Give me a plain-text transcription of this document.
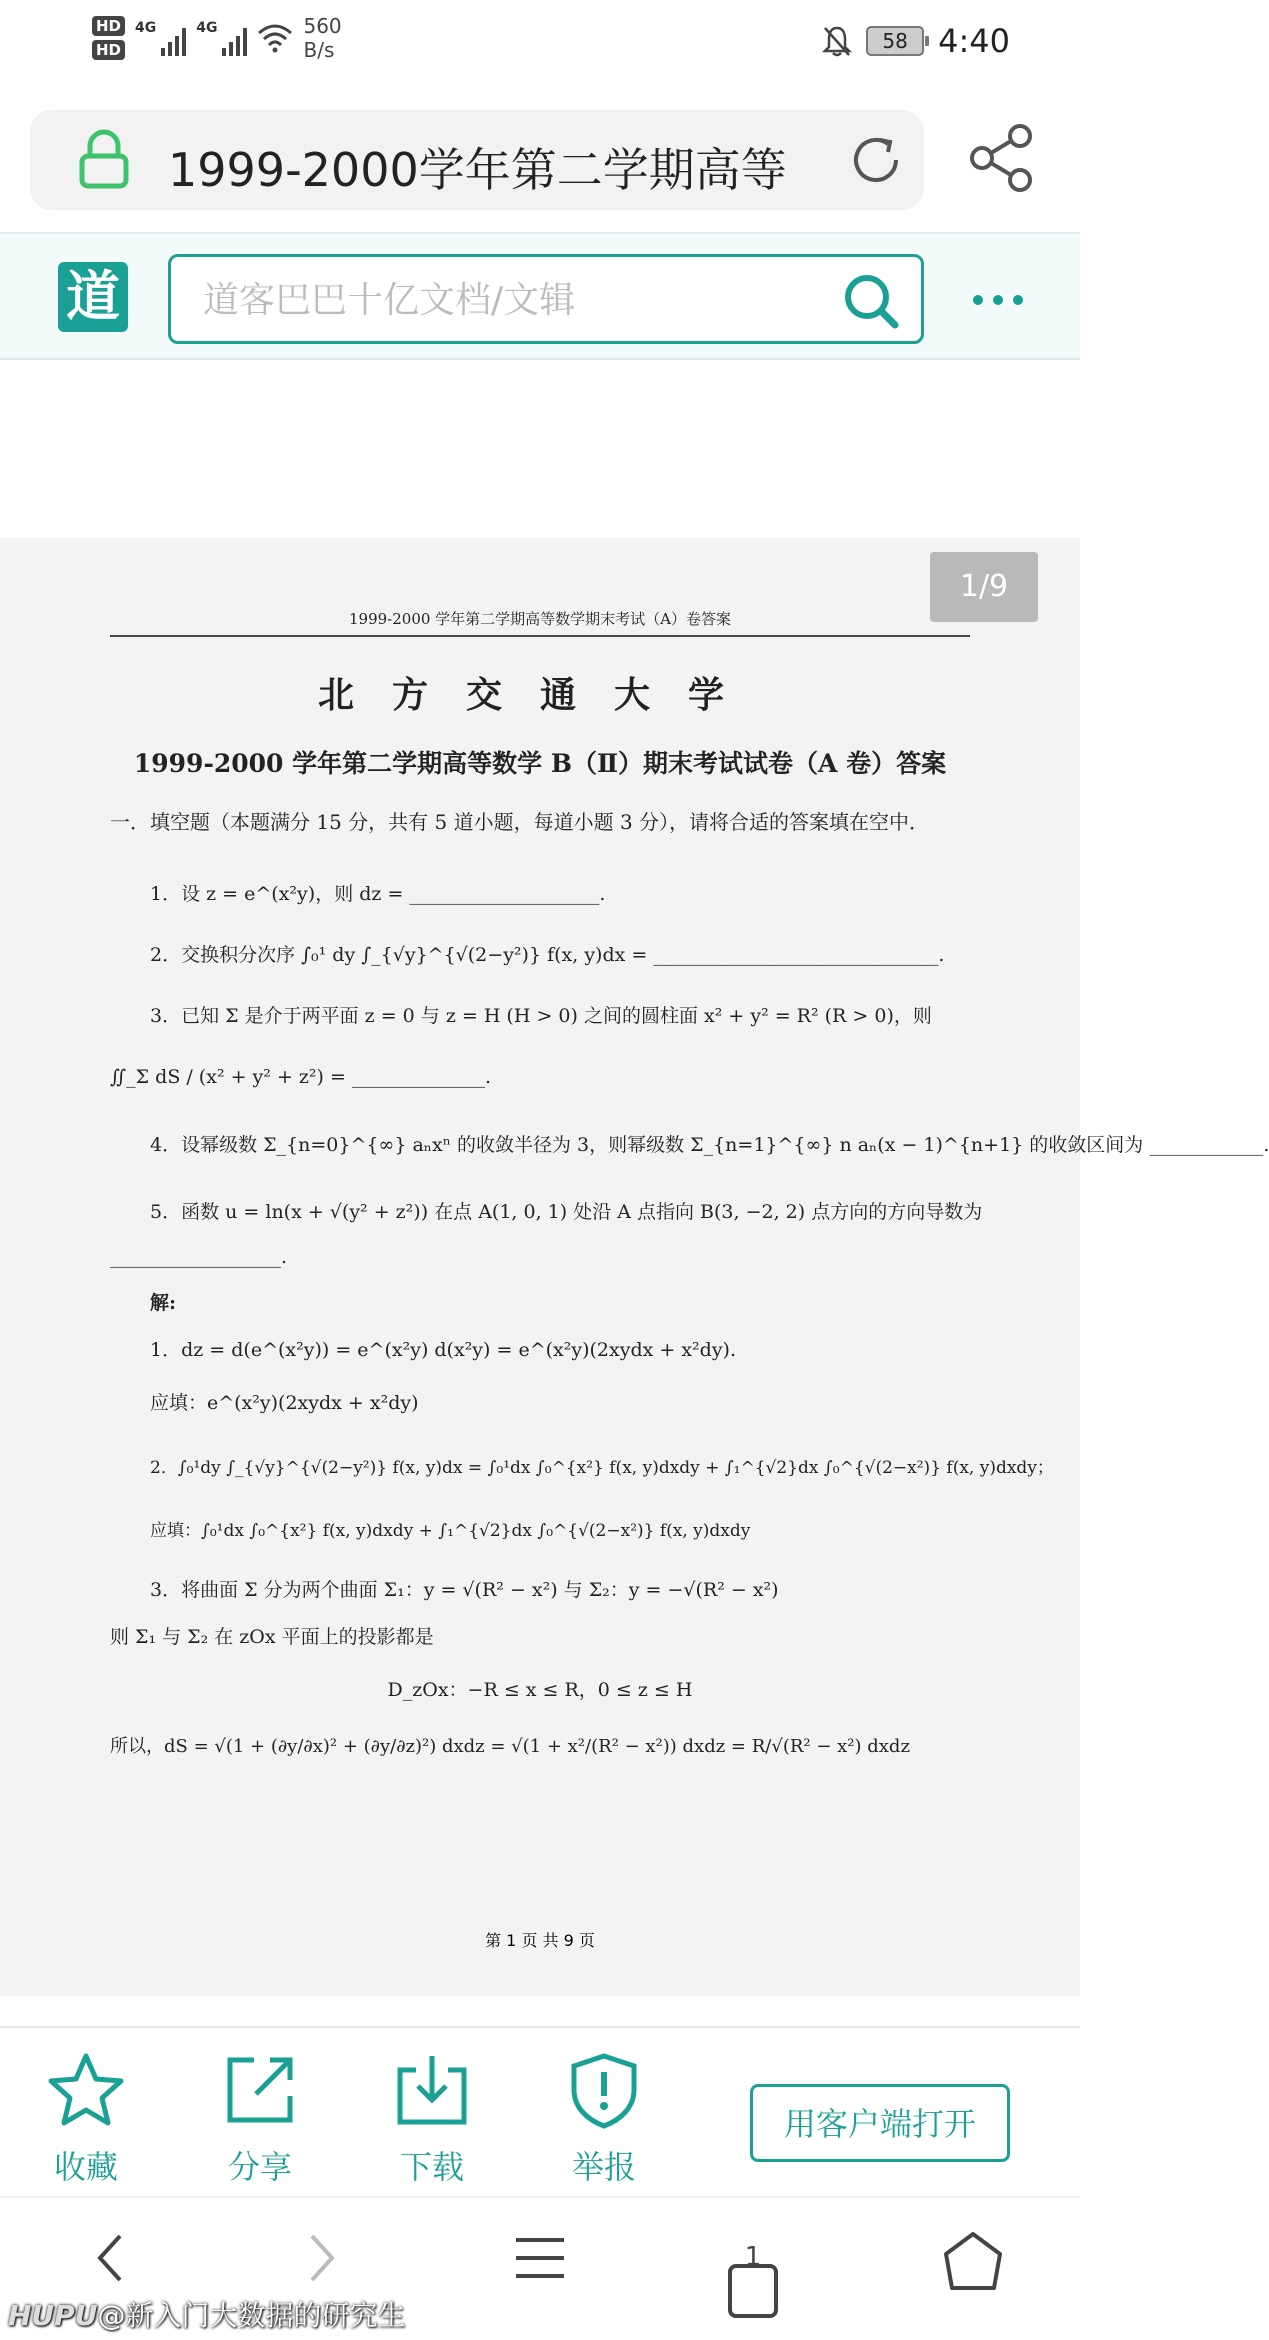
HD
HD
4G	4G	560
B/s	58 4:40
1999-2000学年第二学期高等
道
道客巴巴十亿文档/文辑
1/9
1999-2000 学年第二学期高等数学期末考试（A）卷答案
北方交通大学
1999-2000 学年第二学期高等数学 B（Ⅱ）期末考试试卷（A 卷）答案
一．填空题（本题满分 15 分，共有 5 道小题，每道小题 3 分），请将合适的答案填在空中．
1．设 z = e^(x²y)，则 dz = ____________________.
2．交换积分次序 ∫₀¹ dy ∫_{√y}^{√(2−y²)} f(x, y)dx = ______________________________.
3．已知 Σ 是介于两平面 z = 0 与 z = H (H > 0) 之间的圆柱面 x² + y² = R² (R > 0)，则
∬_Σ dS / (x² + y² + z²) = ______________.
4．设幂级数 Σ_{n=0}^{∞} aₙxⁿ 的收敛半径为 3，则幂级数 Σ_{n=1}^{∞} n aₙ(x − 1)^{n+1} 的收敛区间为 ____________.
5．函数 u = ln(x + √(y² + z²)) 在点 A(1, 0, 1) 处沿 A 点指向 B(3, −2, 2) 点方向的方向导数为
__________________.
解:
1．dz = d(e^(x²y)) = e^(x²y) d(x²y) = e^(x²y)(2xydx + x²dy).
应填：e^(x²y)(2xydx + x²dy)
2．∫₀¹dy ∫_{√y}^{√(2−y²)} f(x, y)dx = ∫₀¹dx ∫₀^{x²} f(x, y)dxdy + ∫₁^{√2}dx ∫₀^{√(2−x²)} f(x, y)dxdy；
应填：∫₀¹dx ∫₀^{x²} f(x, y)dxdy + ∫₁^{√2}dx ∫₀^{√(2−x²)} f(x, y)dxdy
3．将曲面 Σ 分为两个曲面 Σ₁：y = √(R² − x²) 与 Σ₂：y = −√(R² − x²)
则 Σ₁ 与 Σ₂ 在 zOx 平面上的投影都是
D_zOx：−R ≤ x ≤ R，0 ≤ z ≤ H
所以，dS = √(1 + (∂y/∂x)² + (∂y/∂z)²) dxdz = √(1 + x²/(R² − x²)) dxdz = R/√(R² − x²) dxdz
第 1 页 共 9 页
收藏	分享	下载	举报
用客户端打开
1
HUPU@新入门大数据的研究生
